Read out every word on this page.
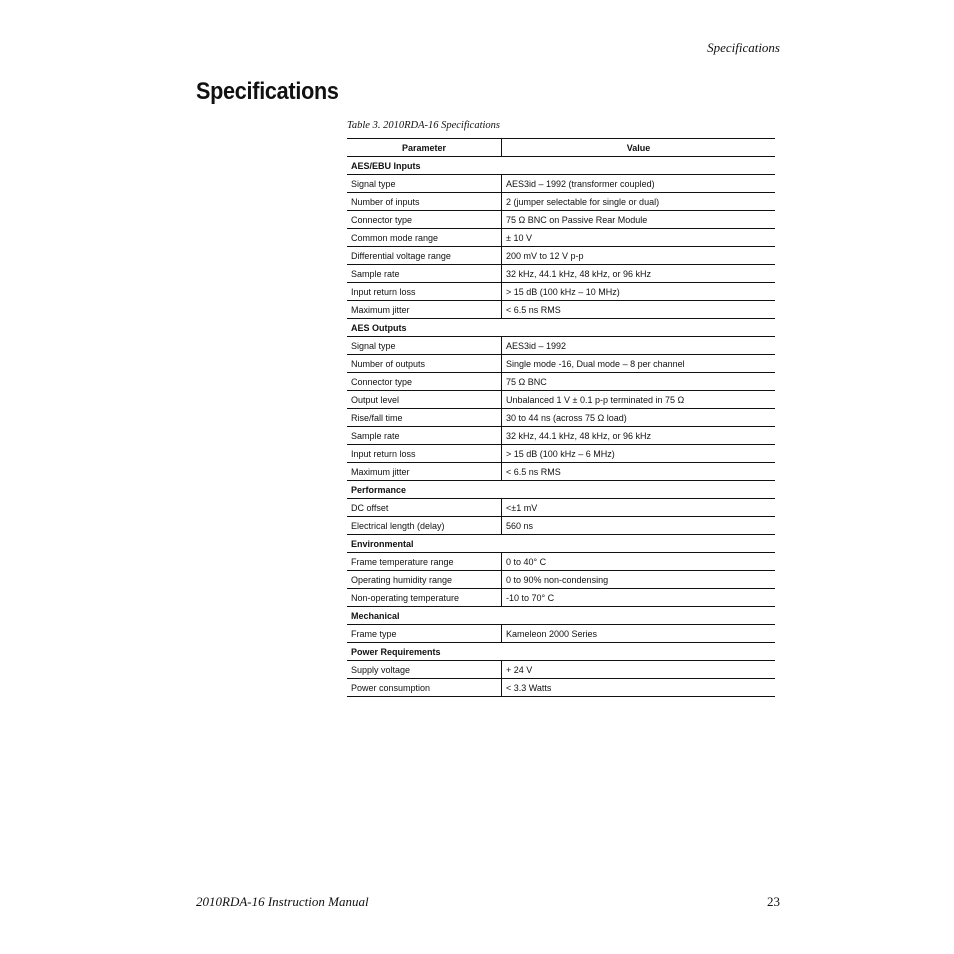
Specifications
Specifications
Table 3. 2010RDA-16 Specifications
Parameter	Value
AES/EBU Inputs	
Signal type	AES3id – 1992 (transformer coupled)
Number of inputs	2 (jumper selectable for single or dual)
Connector type	75 Ω BNC on Passive Rear Module
Common mode range	± 10 V
Differential voltage range	200 mV to 12 V p-p
Sample rate	32 kHz, 44.1 kHz, 48 kHz, or 96 kHz
Input return loss	> 15 dB (100 kHz – 10 MHz)
Maximum jitter	< 6.5 ns RMS
AES Outputs	
Signal type	AES3id – 1992
Number of outputs	Single mode -16, Dual mode – 8 per channel
Connector type	75 Ω BNC
Output level	Unbalanced 1 V ± 0.1 p-p terminated in 75 Ω
Rise/fall time	30 to 44 ns (across 75 Ω load)
Sample rate	32 kHz, 44.1 kHz, 48 kHz, or 96 kHz
Input return loss	> 15 dB (100 kHz – 6 MHz)
Maximum jitter	< 6.5 ns RMS
Performance	
DC offset	<±1 mV
Electrical length (delay)	560 ns
Environmental	
Frame temperature range	0 to 40° C
Operating humidity range	0 to 90% non-condensing
Non-operating temperature	-10 to 70° C
Mechanical	
Frame type	Kameleon 2000 Series
Power Requirements	
Supply voltage	+ 24 V
Power consumption	< 3.3 Watts
2010RDA-16 Instruction Manual	23
